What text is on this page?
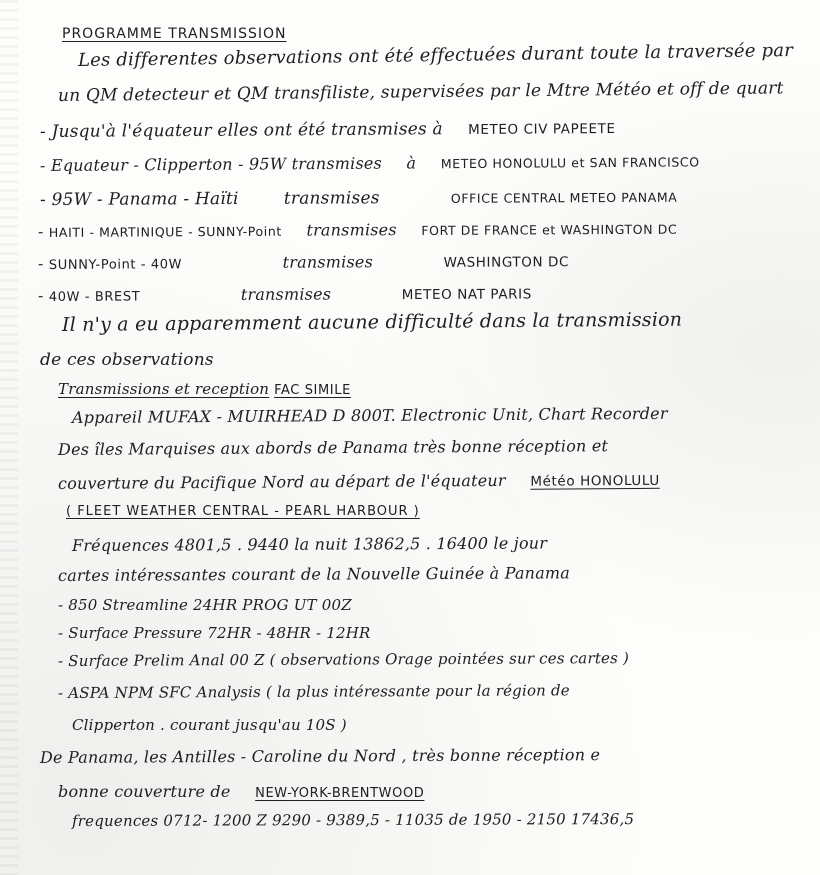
PROGRAMME TRANSMISSION
Les differentes observations ont été effectuées durant toute la traversée par
un QM detecteur et QM transfiliste, supervisées par le Mtre Météo et off de quart
- Jusqu'à l'équateur elles ont été transmises à METEO CIV PAPEETE
- Equateur - Clipperton - 95W transmises à METEO HONOLULU et SAN FRANCISCO
- 95W - Panama - Haïti	transmises	OFFICE CENTRAL METEO PANAMA
- HAITI - MARTINIQUE - SUNNY-Point transmises FORT DE FRANCE et WASHINGTON DC
- SUNNY-Point - 40W	transmises	WASHINGTON DC
- 40W - BREST	transmises	METEO NAT PARIS
Il n'y a eu apparemment aucune difficulté dans la transmission
de ces observations
Transmissions et reception FAC SIMILE
Appareil MUFAX - MUIRHEAD D 800T. Electronic Unit, Chart Recorder
Des îles Marquises aux abords de Panama très bonne réception et
couverture du Pacifique Nord au départ de l'équateur Météo HONOLULU
( FLEET WEATHER CENTRAL - PEARL HARBOUR )
Fréquences 4801,5 . 9440 la nuit 13862,5 . 16400 le jour
cartes intéressantes courant de la Nouvelle Guinée à Panama
- 850 Streamline 24HR PROG UT 00Z
- Surface Pressure 72HR - 48HR - 12HR
- Surface Prelim Anal 00 Z ( observations Orage pointées sur ces cartes )
- ASPA NPM SFC Analysis ( la plus intéressante pour la région de
Clipperton . courant jusqu'au 10S )
De Panama, les Antilles - Caroline du Nord , très bonne réception e
bonne couverture de NEW-YORK-BRENTWOOD
frequences 0712- 1200 Z 9290 - 9389,5 - 11035 de 1950 - 2150 17436,5
